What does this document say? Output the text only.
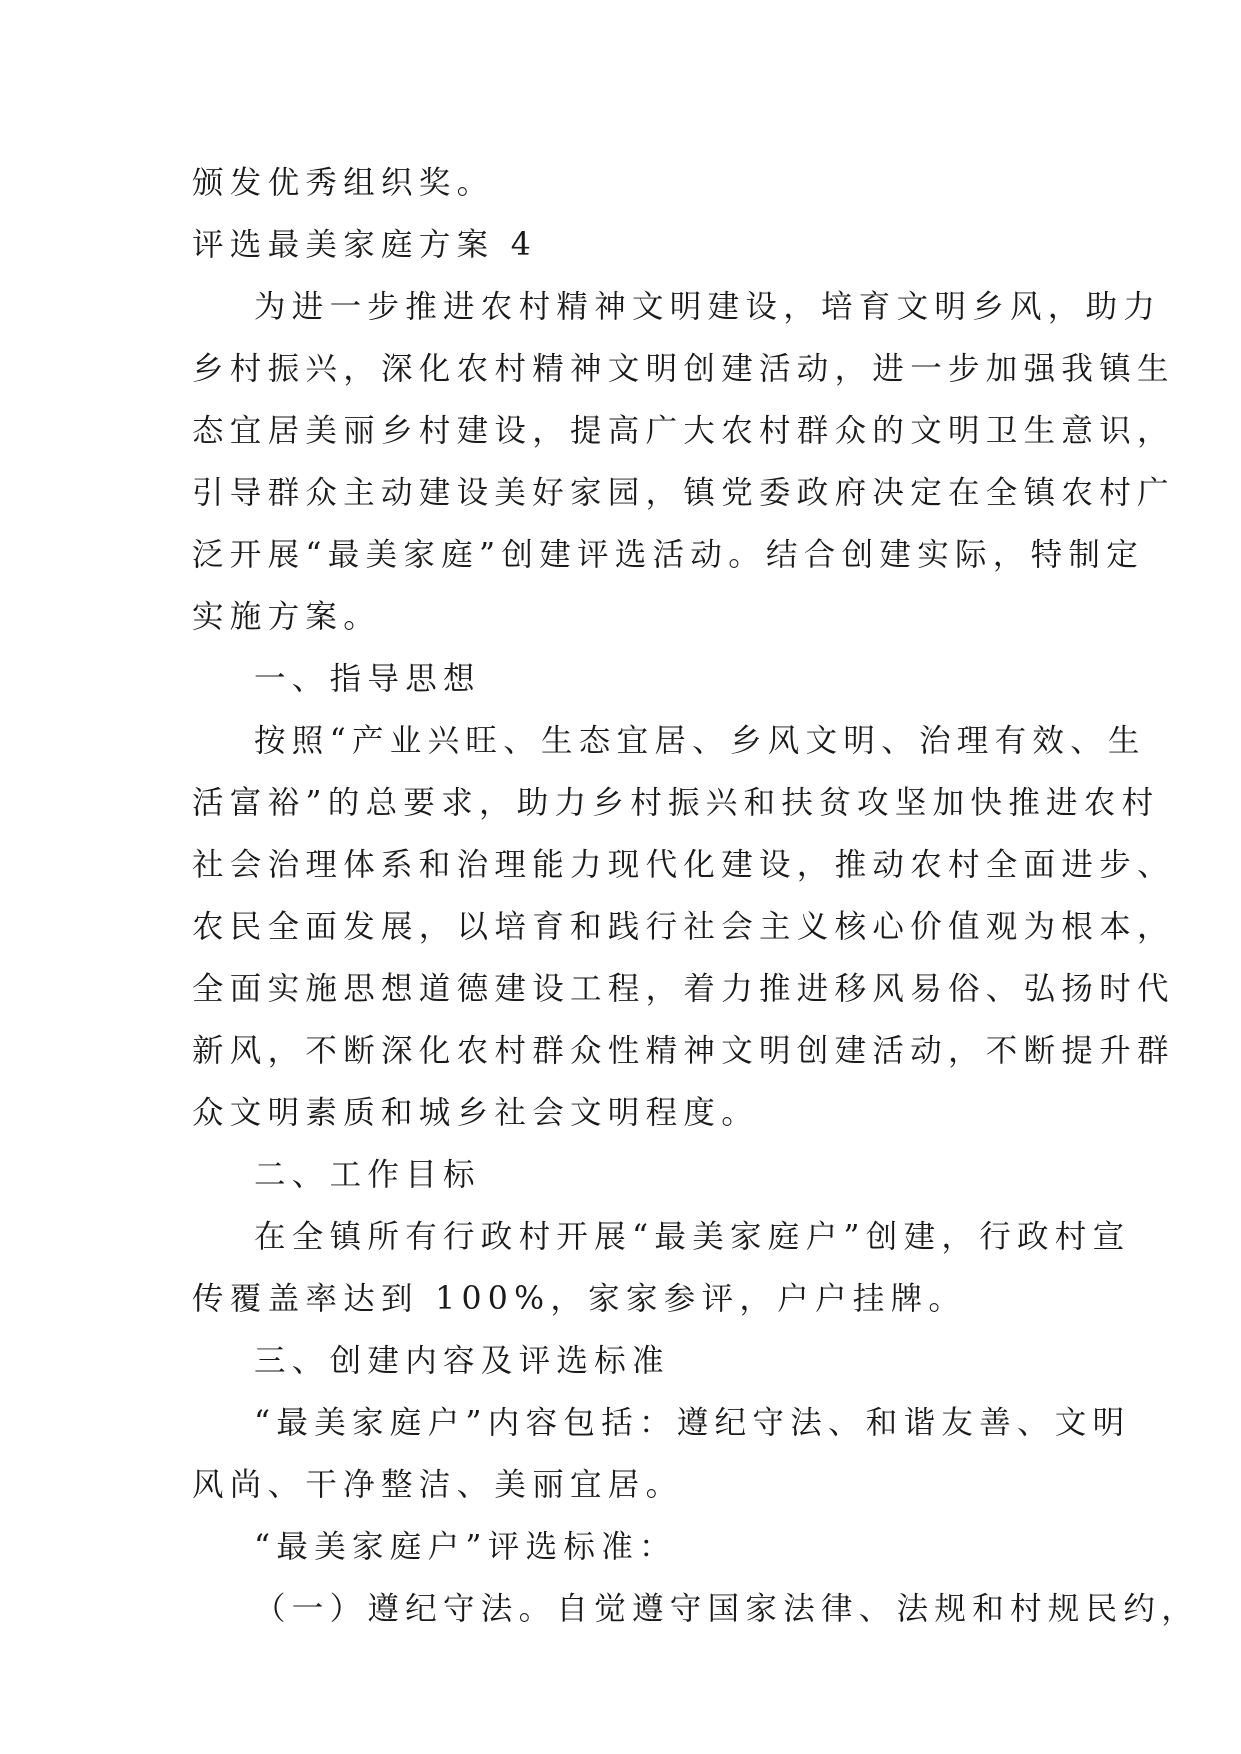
颁发优秀组织奖。
评选最美家庭方案 4
为进一步推进农村精神文明建设，培育文明乡风，助力
乡村振兴，深化农村精神文明创建活动，进一步加强我镇生
态宜居美丽乡村建设，提高广大农村群众的文明卫生意识，
引导群众主动建设美好家园，镇党委政府决定在全镇农村广
泛开展“最美家庭”创建评选活动。结合创建实际，特制定
实施方案。
一、指导思想
按照“产业兴旺、生态宜居、乡风文明、治理有效、生
活富裕”的总要求，助力乡村振兴和扶贫攻坚加快推进农村
社会治理体系和治理能力现代化建设，推动农村全面进步、
农民全面发展，以培育和践行社会主义核心价值观为根本，
全面实施思想道德建设工程，着力推进移风易俗、弘扬时代
新风，不断深化农村群众性精神文明创建活动，不断提升群
众文明素质和城乡社会文明程度。
二、工作目标
在全镇所有行政村开展“最美家庭户”创建，行政村宣
传覆盖率达到 100%，家家参评，户户挂牌。
三、创建内容及评选标准
“最美家庭户”内容包括：遵纪守法、和谐友善、文明
风尚、干净整洁、美丽宜居。
“最美家庭户”评选标准：
（一）遵纪守法。自觉遵守国家法律、法规和村规民约，
